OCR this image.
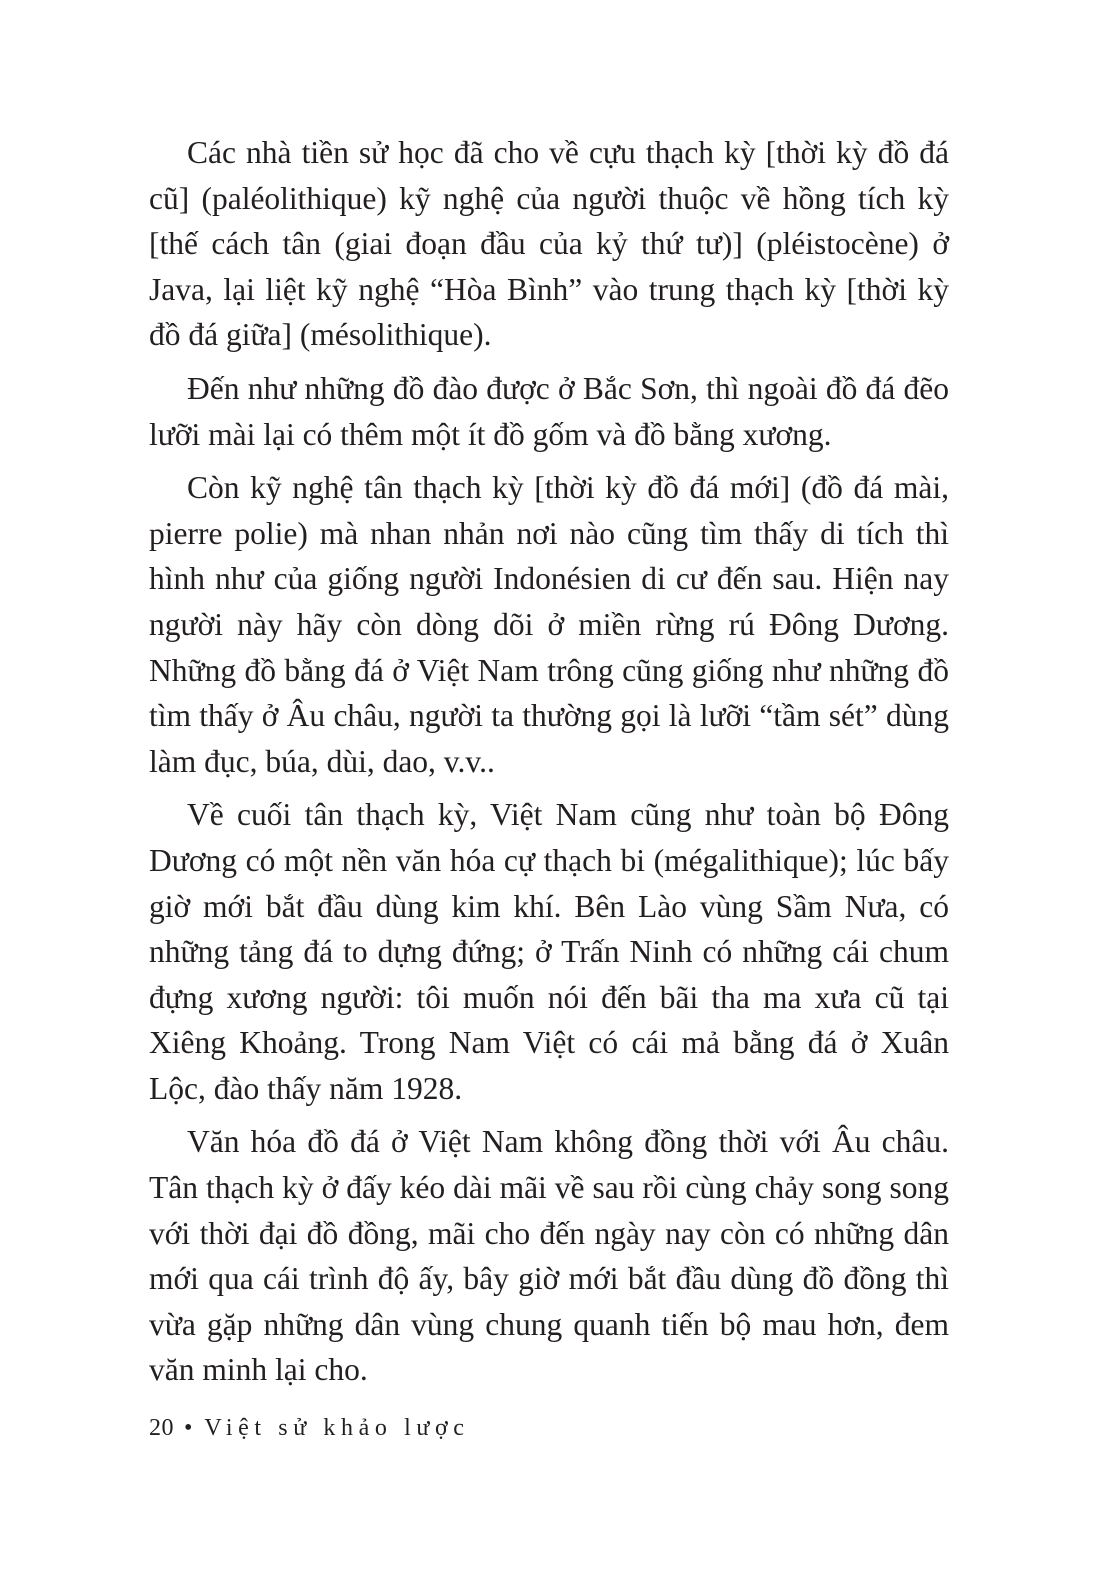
Các nhà tiền sử học đã cho về cựu thạch kỳ [thời kỳ đồ đá cũ] (paléolithique) kỹ nghệ của người thuộc về hồng tích kỳ [thế cách tân (giai đoạn đầu của kỷ thứ tư)] (pléistocène) ở Java, lại liệt kỹ nghệ “Hòa Bình” vào trung thạch kỳ [thời kỳ đồ đá giữa] (mésolithique).

Đến như những đồ đào được ở Bắc Sơn, thì ngoài đồ đá đẽo lưỡi mài lại có thêm một ít đồ gốm và đồ bằng xương.

Còn kỹ nghệ tân thạch kỳ [thời kỳ đồ đá mới] (đồ đá mài, pierre polie) mà nhan nhản nơi nào cũng tìm thấy di tích thì hình như của giống người Indonésien di cư đến sau. Hiện nay người này hãy còn dòng dõi ở miền rừng rú Đông Dương. Những đồ bằng đá ở Việt Nam trông cũng giống như những đồ tìm thấy ở Âu châu, người ta thường gọi là lưỡi “tầm sét” dùng làm đục, búa, dùi, dao, v.v..

Về cuối tân thạch kỳ, Việt Nam cũng như toàn bộ Đông Dương có một nền văn hóa cự thạch bi (mégalithique); lúc bấy giờ mới bắt đầu dùng kim khí. Bên Lào vùng Sầm Nưa, có những tảng đá to dựng đứng; ở Trấn Ninh có những cái chum đựng xương người: tôi muốn nói đến bãi tha ma xưa cũ tại Xiêng Khoảng. Trong Nam Việt có cái mả bằng đá ở Xuân Lộc, đào thấy năm 1928.

Văn hóa đồ đá ở Việt Nam không đồng thời với Âu châu. Tân thạch kỳ ở đấy kéo dài mãi về sau rồi cùng chảy song song với thời đại đồ đồng, mãi cho đến ngày nay còn có những dân mới qua cái trình độ ấy, bây giờ mới bắt đầu dùng đồ đồng thì vừa gặp những dân vùng chung quanh tiến bộ mau hơn, đem văn minh lại cho.

20 • Việt sử khảo lược
